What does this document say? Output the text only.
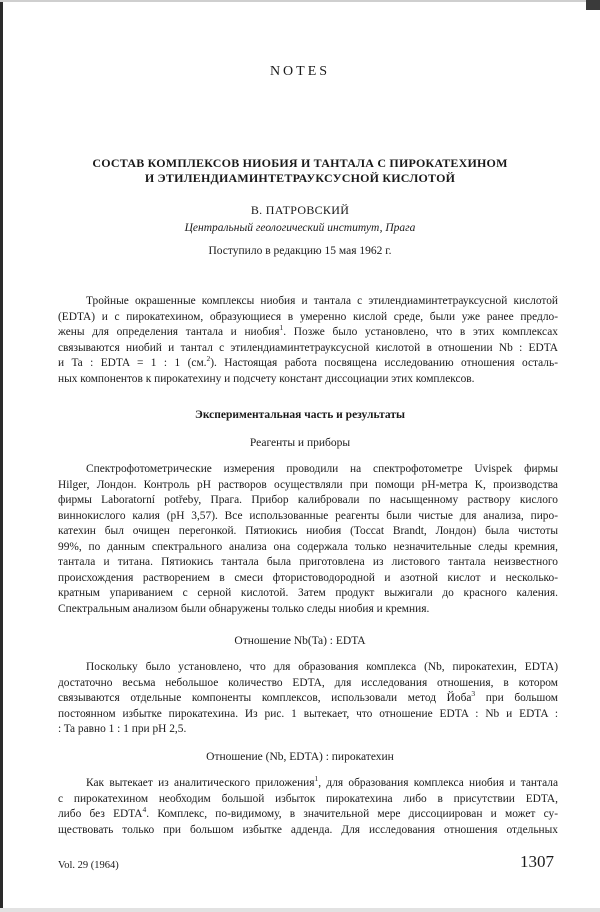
NOTES
СОСТАВ КОМПЛЕКСОВ НИОБИЯ И ТАНТАЛА С ПИРОКАТЕХИНОМ
И ЭТИЛЕНДИАМИНТЕТРАУКСУСНОЙ КИСЛОТОЙ
В. ПАТРОВСКИЙ
Центральный геологический институт, Прага
Поступило в редакцию 15 мая 1962 г.
Тройные окрашенные комплексы ниобия и тантала с этилендиаминтетрауксусной кислотой
(EDTA) и с пирокатехином, образующиеся в умеренно кислой среде, были уже ранее предло-
жены для определения тантала и ниобия$^1$. Позже было установлено, что в этих комплексах
связываются ниобий и тантал с этилендиаминтетрауксусной кислотой в отношении Nb : EDTA
и Ta : EDTA = 1 : 1 (см.$^2$). Настоящая работа посвящена исследованию отношения осталь-
ных компонентов к пирокатехину и подсчету констант диссоциации этих комплексов.
Экспериментальная часть и результаты
Реагенты и приборы
Спектрофотометрические измерения проводили на спектрофотометре Uvispek фирмы
Hilger, Лондон. Контроль pH растворов осуществляли при помощи pH-метра K, производства
фирмы Laboratorní potřeby, Прага. Прибор калибровали по насыщенному раствору кислого
виннокислого калия (pH 3,57). Все использованные реагенты были чистые для анализа, пиро-
катехин был очищен перегонкой. Пятиокись ниобия (Toccat Brandt, Лондон) была чистоты
99%, по данным спектрального анализа она содержала только незначительные следы кремния,
тантала и титана. Пятиокись тантала была приготовлена из листового тантала неизвестного
происхождения растворением в смеси фтористоводородной и азотной кислот и несколько-
кратным упариванием с серной кислотой. Затем продукт выжигали до красного каления.
Спектральным анализом были обнаружены только следы ниобия и кремния.
Отношение Nb(Ta) : EDTA
Поскольку было установлено, что для образования комплекса (Nb, пирокатехин, EDTA)
достаточно весьма небольшое количество EDTA, для исследования отношения, в котором
связываются отдельные компоненты комплексов, использовали метод Йоба$^3$ при большом
постоянном избытке пирокатехина. Из рис. 1 вытекает, что отношение EDTA : Nb и EDTA :
: Ta равно 1 : 1 при pH 2,5.
Отношение (Nb, EDTA) : пирокатехин
Как вытекает из аналитического приложения$^1$, для образования комплекса ниобия и тантала
с пирокатехином необходим большой избыток пирокатехина либо в присутствии EDTA,
либо без EDTA$^4$. Комплекс, по-видимому, в значительной мере диссоциирован и может су-
ществовать только при большом избытке адденда. Для исследования отношения отдельных
Vol. 29 (1964)	1307
